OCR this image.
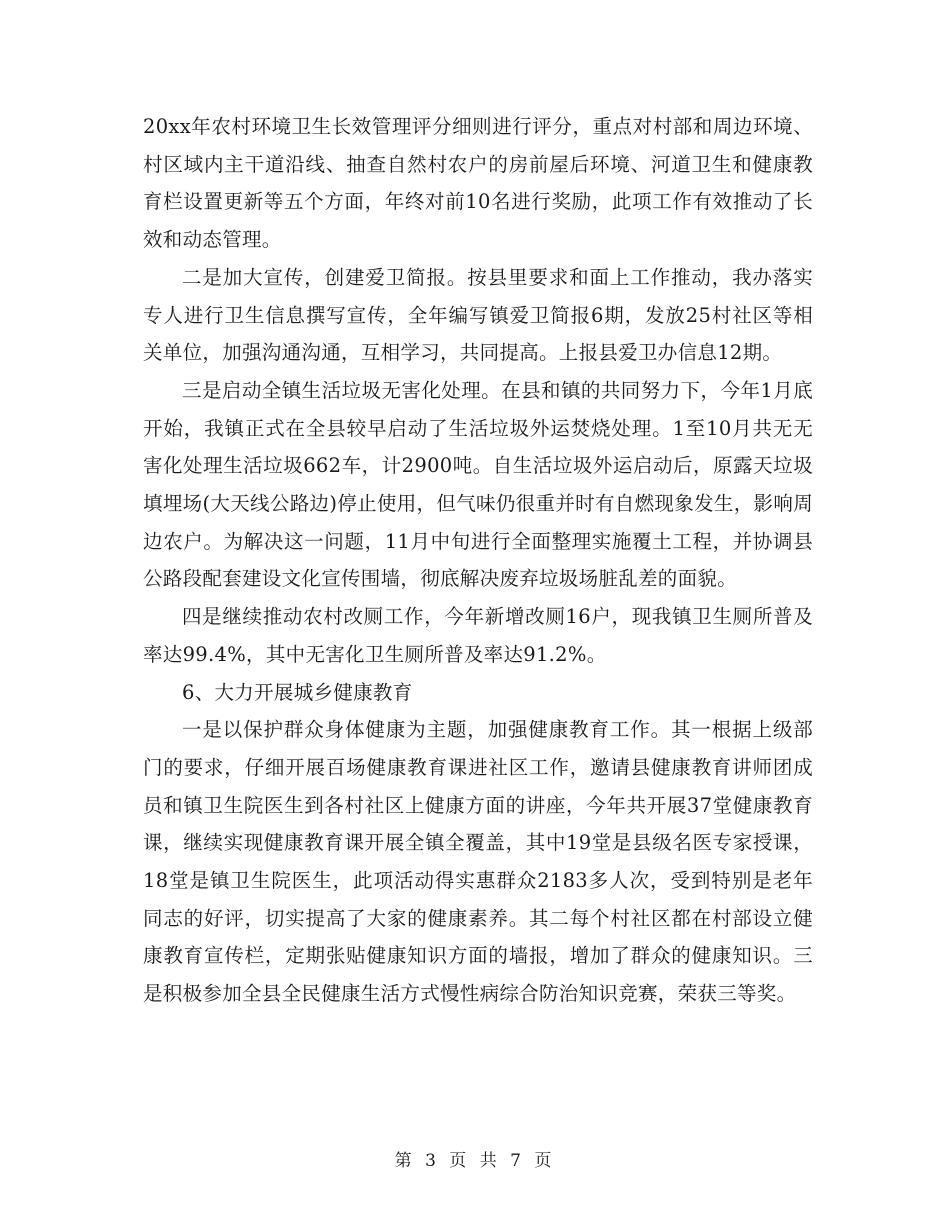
20xx年农村环境卫生长效管理评分细则进行评分，重点对村部和周边环境、村区域内主干道沿线、抽查自然村农户的房前屋后环境、河道卫生和健康教育栏设置更新等五个方面，年终对前10名进行奖励，此项工作有效推动了长效和动态管理。

二是加大宣传，创建爱卫简报。按县里要求和面上工作推动，我办落实专人进行卫生信息撰写宣传，全年编写镇爱卫简报6期，发放25村社区等相关单位，加强沟通沟通，互相学习，共同提高。上报县爱卫办信息12期。

三是启动全镇生活垃圾无害化处理。在县和镇的共同努力下，今年1月底开始，我镇正式在全县较早启动了生活垃圾外运焚烧处理。1至10月共无无害化处理生活垃圾662车，计2900吨。自生活垃圾外运启动后，原露天垃圾填埋场(大天线公路边)停止使用，但气味仍很重并时有自燃现象发生，影响周边农户。为解决这一问题，11月中旬进行全面整理实施覆土工程，并协调县公路段配套建设文化宣传围墙，彻底解决废弃垃圾场脏乱差的面貌。

四是继续推动农村改厕工作，今年新增改厕16户，现我镇卫生厕所普及率达99.4%，其中无害化卫生厕所普及率达91.2%。

6、大力开展城乡健康教育

一是以保护群众身体健康为主题，加强健康教育工作。其一根据上级部门的要求，仔细开展百场健康教育课进社区工作，邀请县健康教育讲师团成员和镇卫生院医生到各村社区上健康方面的讲座，今年共开展37堂健康教育课，继续实现健康教育课开展全镇全覆盖，其中19堂是县级名医专家授课，18堂是镇卫生院医生，此项活动得实惠群众2183多人次，受到特别是老年同志的好评，切实提高了大家的健康素养。其二每个村社区都在村部设立健康教育宣传栏，定期张贴健康知识方面的墙报，增加了群众的健康知识。三是积极参加全县全民健康生活方式慢性病综合防治知识竞赛，荣获三等奖。

第 3 页 共 7 页
